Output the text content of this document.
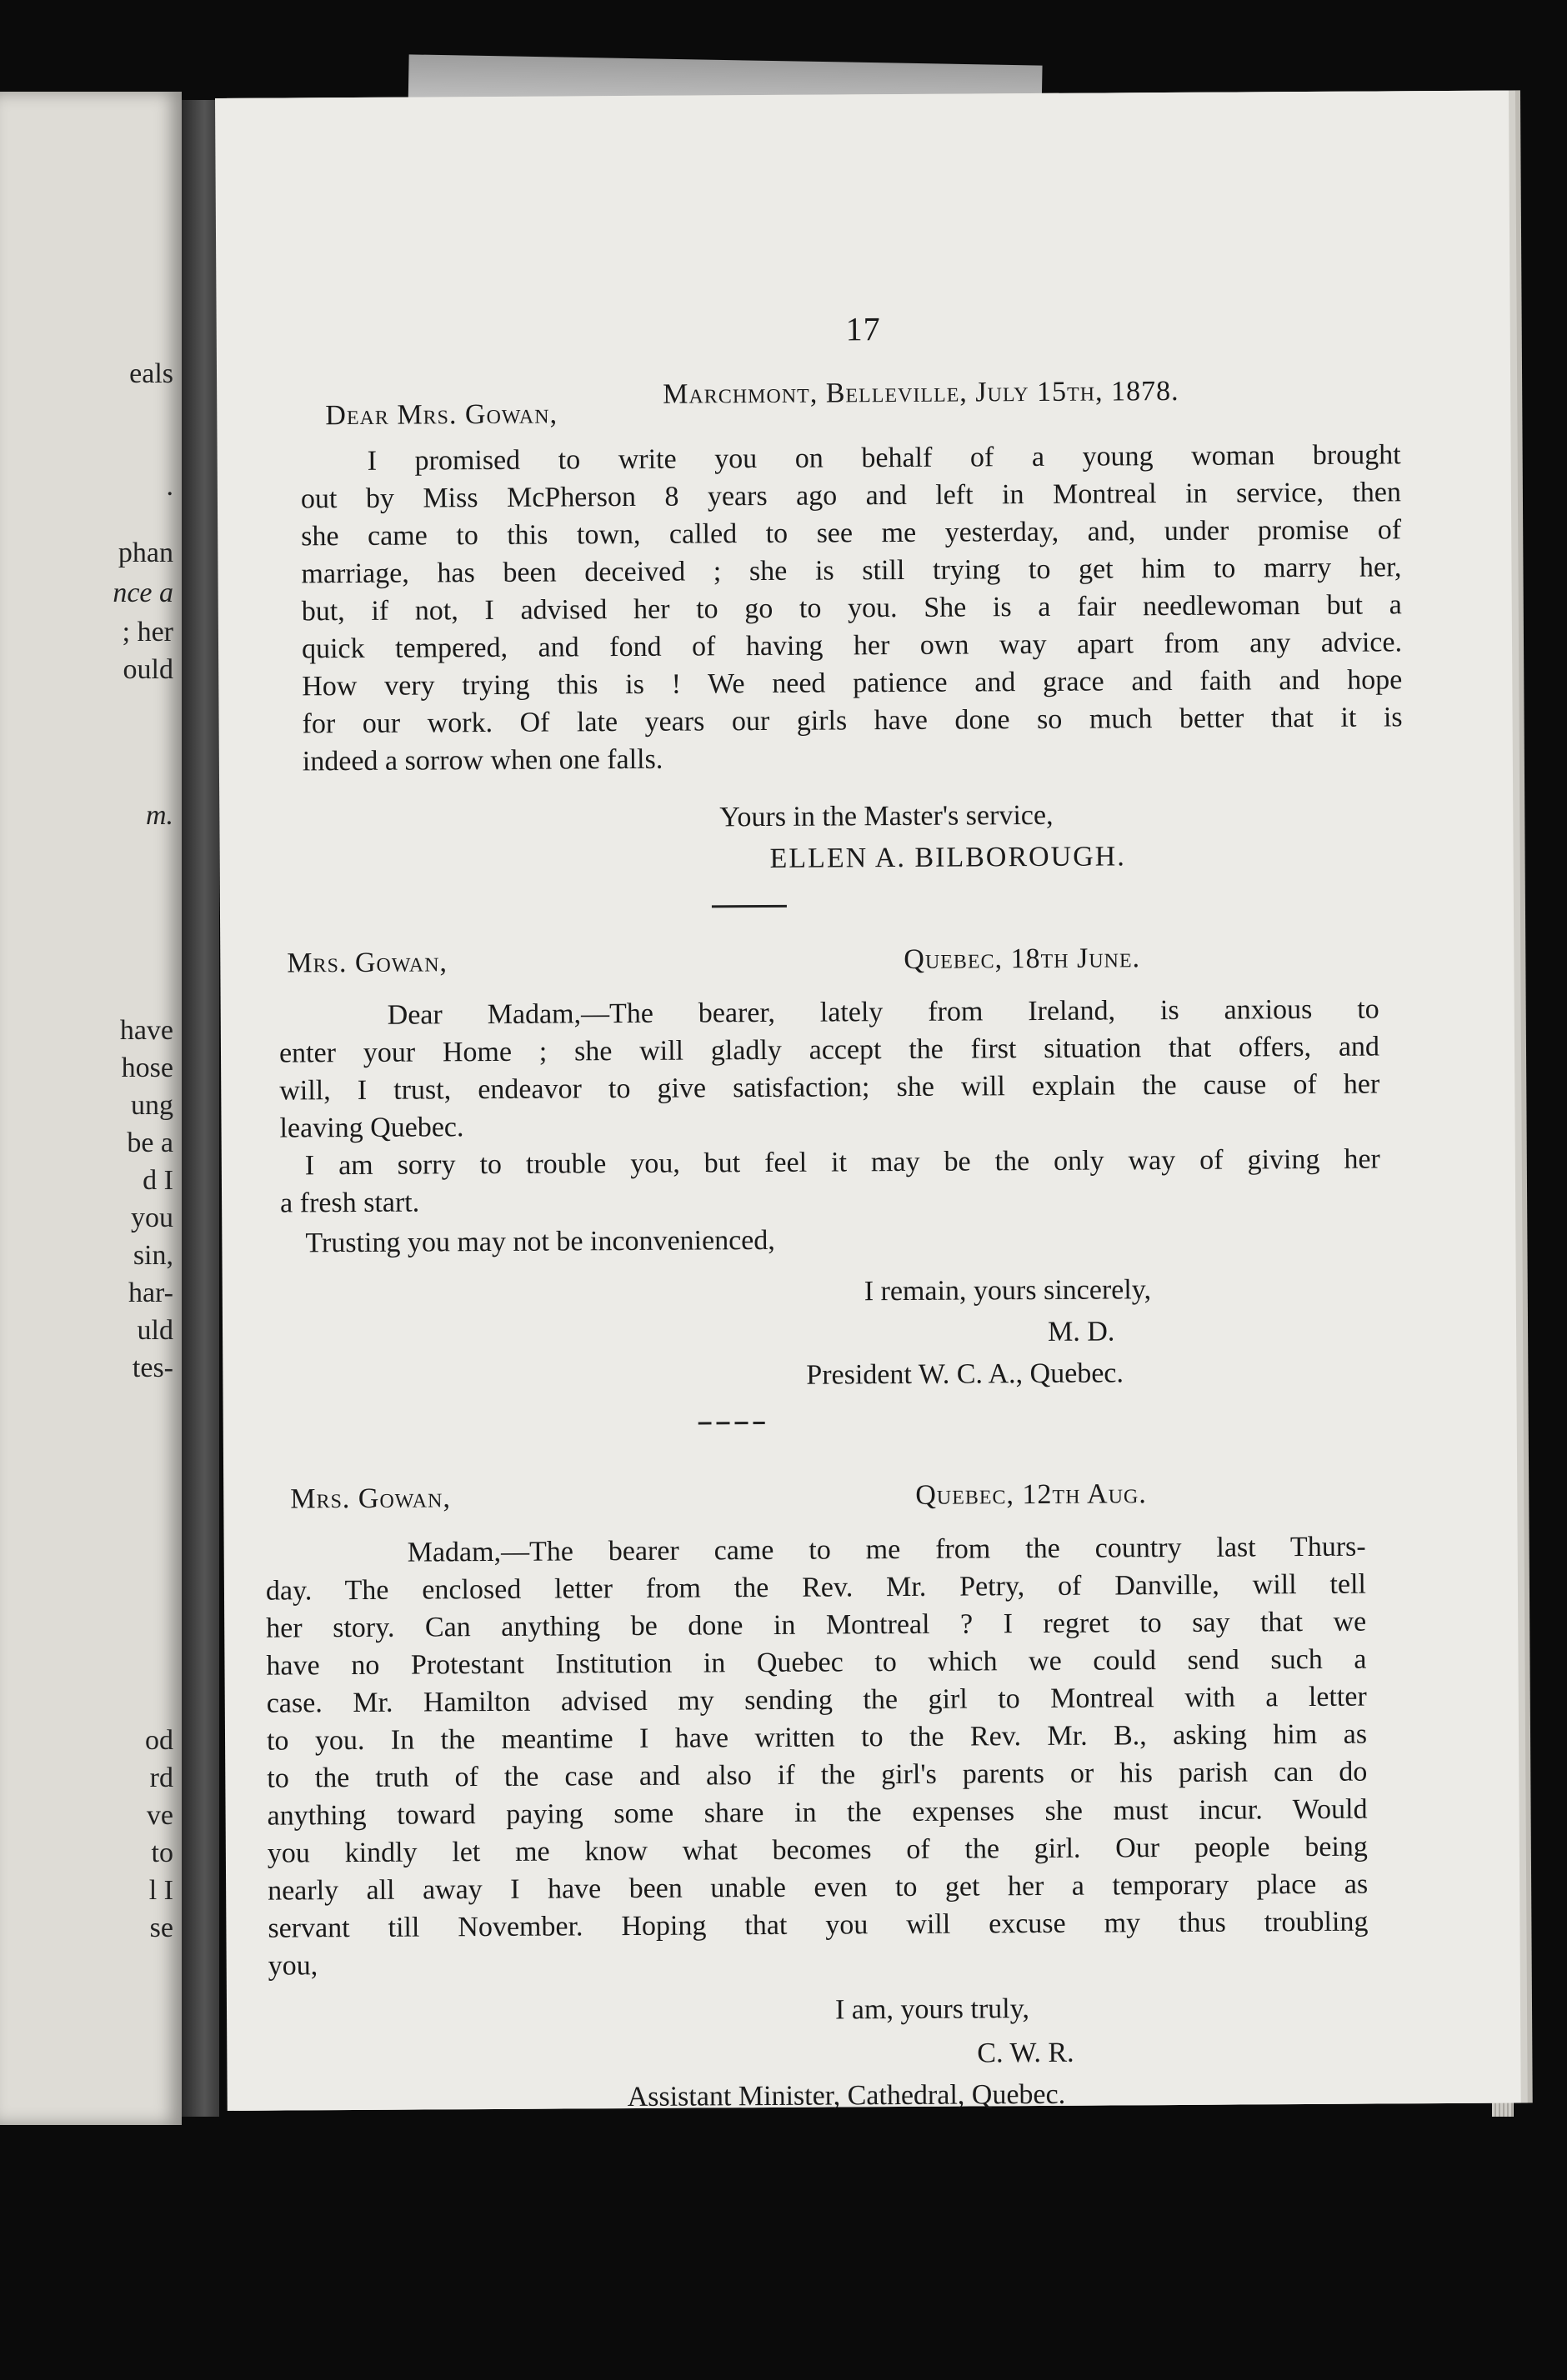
eals
.
phan
nce a
; her
ould
m.
have
hose
ung
be a
d I
you
sin,
har-
uld
tes-
od
rd
ve
to
l I
se
17
Marchmont, Belleville, July 15th, 1878.
Dear Mrs. Gowan,
I promised to write you on behalf of a young woman brought
out by Miss McPherson 8 years ago and left in Montreal in service, then
she came to this town, called to see me yesterday, and, under promise of
marriage, has been deceived ; she is still trying to get him to marry her,
but, if not, I advised her to go to you. She is a fair needlewoman but a
quick tempered, and fond of having her own way apart from any advice.
How very trying this is ! We need patience and grace and faith and hope
for our work. Of late years our girls have done so much better that it is
indeed a sorrow when one falls.
Yours in the Master's service,
ELLEN A. BILBOROUGH.
Mrs. Gowan,	Quebec, 18th June.
Dear Madam,—The bearer, lately from Ireland, is anxious to
enter your Home ; she will gladly accept the first situation that offers, and
will, I trust, endeavor to give satisfaction; she will explain the cause of her
leaving Quebec.
I am sorry to trouble you, but feel it may be the only way of giving her
a fresh start.
Trusting you may not be inconvenienced,
I remain, yours sincerely,
M. D.
President W. C. A., Quebec.
Mrs. Gowan,	Quebec, 12th Aug.
Madam,—The bearer came to me from the country last Thurs-
day. The enclosed letter from the Rev. Mr. Petry, of Danville, will tell
her story. Can anything be done in Montreal ? I regret to say that we
have no Protestant Institution in Quebec to which we could send such a
case. Mr. Hamilton advised my sending the girl to Montreal with a letter
to you. In the meantime I have written to the Rev. Mr. B., asking him as
to the truth of the case and also if the girl's parents or his parish can do
anything toward paying some share in the expenses she must incur. Would
you kindly let me know what becomes of the girl. Our people being
nearly all away I have been unable even to get her a temporary place as
servant till November. Hoping that you will excuse my thus troubling
you,
I am, yours truly,
C. W. R.
Assistant Minister, Cathedral, Quebec.
